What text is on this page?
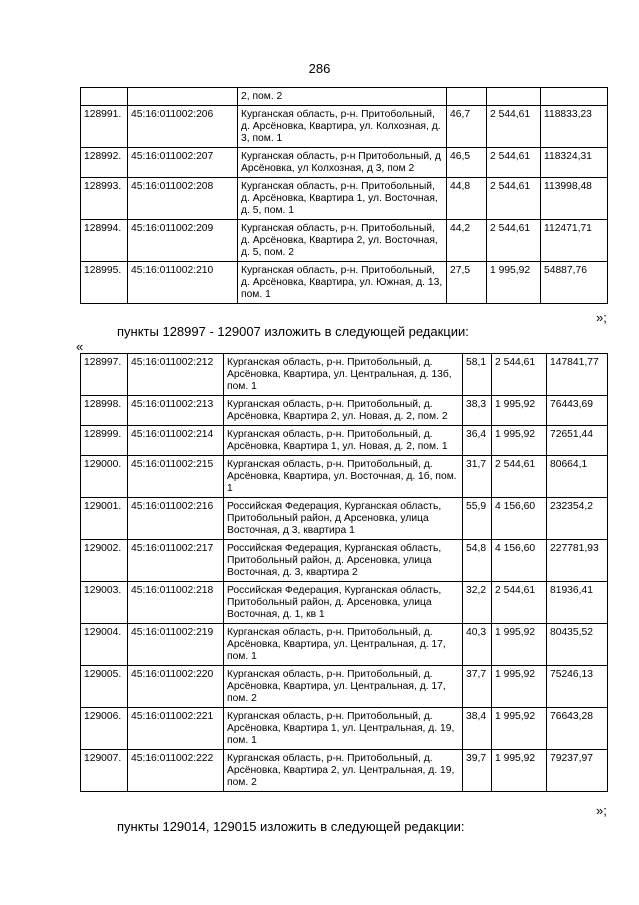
286
		2, пом. 2			
128991.	45:16:011002:206	Курганская область, р-н. Притобольный, д. Арсёновка, Квартира, ул. Колхозная, д. 3, пом. 1	46,7	2 544,61	118833,23
128992.	45:16:011002:207	Курганская область, р-н Притобольный, д Арсёновка, ул Колхозная, д 3, пом 2	46,5	2 544,61	118324,31
128993.	45:16:011002:208	Курганская область, р-н. Притобольный, д. Арсёновка, Квартира 1, ул. Восточная, д. 5, пом. 1	44,8	2 544,61	113998,48
128994.	45:16:011002:209	Курганская область, р-н. Притобольный, д. Арсёновка, Квартира 2, ул. Восточная, д. 5, пом. 2	44,2	2 544,61	112471,71
128995.	45:16:011002:210	Курганская область, р-н. Притобольный, д. Арсёновка, Квартира, ул. Южная, д. 13, пом. 1	27,5	1 995,92	54887,76
»;
пункты 128997 - 129007 изложить в следующей редакции:
«
128997.	45:16:011002:212	Курганская область, р-н. Притобольный, д. Арсёновка, Квартира, ул. Центральная, д. 13б, пом. 1	58,1	2 544,61	147841,77
128998.	45:16:011002:213	Курганская область, р-н. Притобольный, д. Арсёновка, Квартира 2, ул. Новая, д. 2, пом. 2	38,3	1 995,92	76443,69
128999.	45:16:011002:214	Курганская область, р-н. Притобольный, д. Арсёновка, Квартира 1, ул. Новая, д. 2, пом. 1	36,4	1 995,92	72651,44
129000.	45:16:011002:215	Курганская область, р-н. Притобольный, д. Арсёновка, Квартира, ул. Восточная, д. 1б, пом. 1	31,7	2 544,61	80664,1
129001.	45:16:011002:216	Российская Федерация, Курганская область, Притобольный район, д Арсеновка, улица Восточная, д 3, квартира 1	55,9	4 156,60	232354,2
129002.	45:16:011002:217	Российская Федерация, Курганская область, Притобольный район, д. Арсеновка, улица Восточная, д. 3, квартира 2	54,8	4 156,60	227781,93
129003.	45:16:011002:218	Российская Федерация, Курганская область, Притобольный район, д. Арсеновка, улица Восточная, д. 1, кв 1	32,2	2 544,61	81936,41
129004.	45:16:011002:219	Курганская область, р-н. Притобольный, д. Арсёновка, Квартира, ул. Центральная, д. 17, пом. 1	40,3	1 995,92	80435,52
129005.	45:16:011002:220	Курганская область, р-н. Притобольный, д. Арсёновка, Квартира, ул. Центральная, д. 17, пом. 2	37,7	1 995,92	75246,13
129006.	45:16:011002:221	Курганская область, р-н. Притобольный, д. Арсёновка, Квартира 1, ул. Центральная, д. 19, пом. 1	38,4	1 995,92	76643,28
129007.	45:16:011002:222	Курганская область, р-н. Притобольный, д. Арсёновка, Квартира 2, ул. Центральная, д. 19, пом. 2	39,7	1 995,92	79237,97
»;
пункты 129014, 129015 изложить в следующей редакции:
